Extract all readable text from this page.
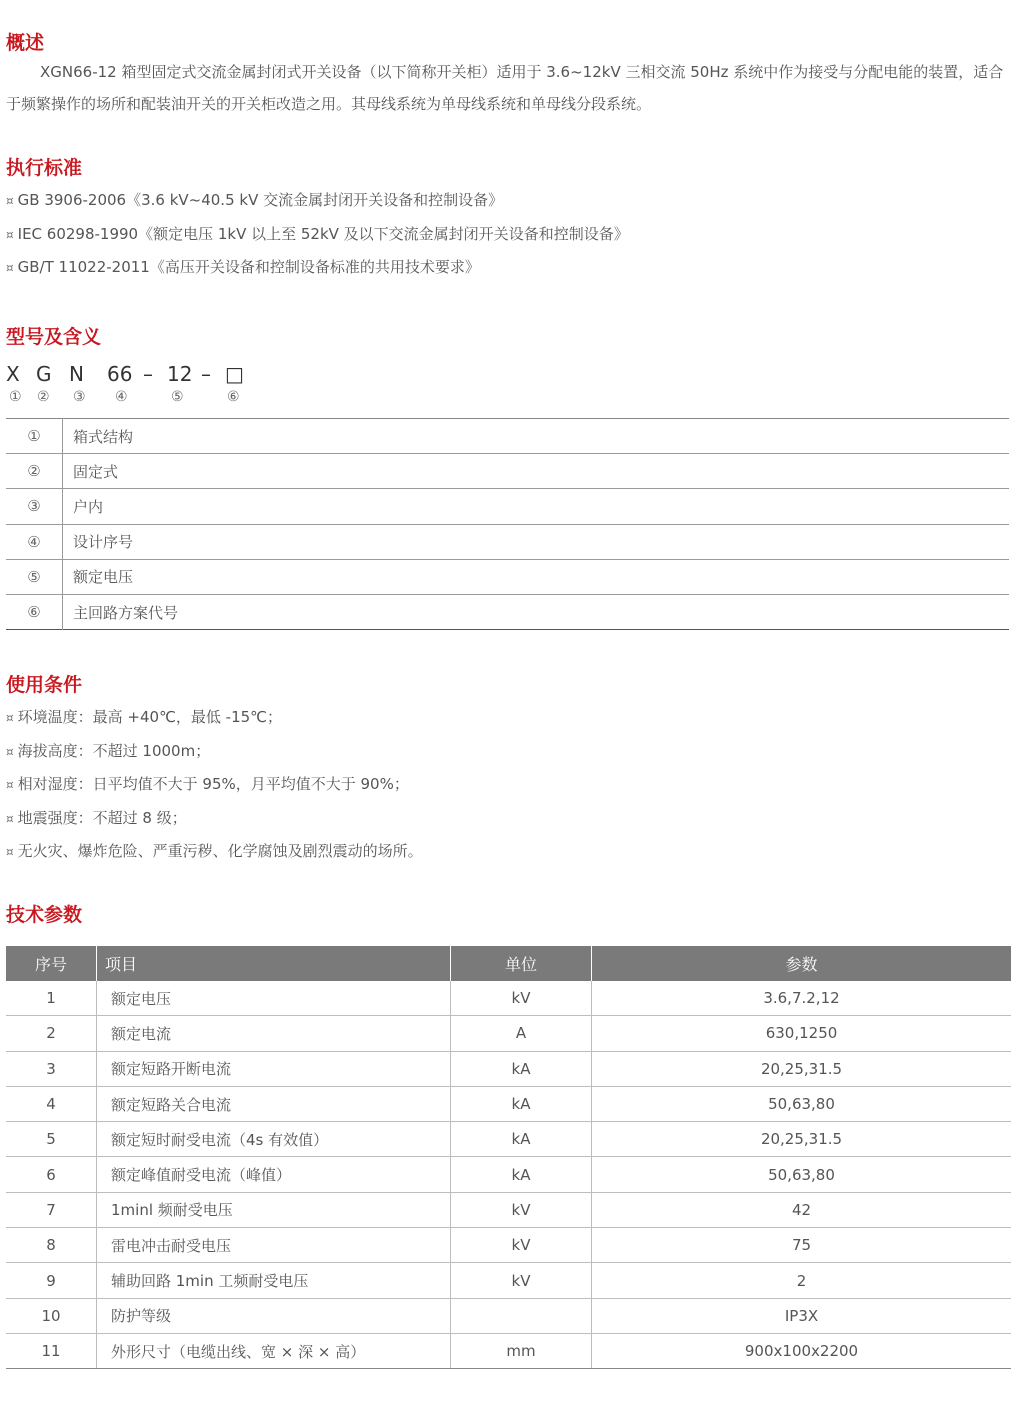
概述

XGN66-12 箱型固定式交流金属封闭式开关设备（以下简称开关柜）适用于 3.6~12kV 三相交流 50Hz 系统中作为接受与分配电能的装置，适合于频繁操作的场所和配装油开关的开关柜改造之用。其母线系统为单母线系统和单母线分段系统。

执行标准
¤ GB 3906-2006《3.6 kV~40.5 kV 交流金属封闭开关设备和控制设备》
¤ IEC 60298-1990《额定电压 1kV 以上至 52kV 及以下交流金属封闭开关设备和控制设备》
¤ GB/T 11022-2011《高压开关设备和控制设备标准的共用技术要求》
型号及含义
X G N 66 – 12 – □
① ② ③ ④	⑤	⑥
①	箱式结构
②	固定式
③	户内
④	设计序号
⑤	额定电压
⑥	主回路方案代号
使用条件
¤ 环境温度：最高 +40℃，最低 -15℃；
¤ 海拔高度：不超过 1000m；
¤ 相对湿度：日平均值不大于 95%，月平均值不大于 90%；
¤ 地震强度：不超过 8 级；
¤ 无火灾、爆炸危险、严重污秽、化学腐蚀及剧烈震动的场所。
技术参数
序号	项目	单位	参数
1	额定电压	kV	3.6,7.2,12
2	额定电流	A	630,1250
3	额定短路开断电流	kA	20,25,31.5
4	额定短路关合电流	kA	50,63,80
5	额定短时耐受电流（4s 有效值）	kA	20,25,31.5
6	额定峰值耐受电流（峰值）	kA	50,63,80
7	1minl 频耐受电压	kV	42
8	雷电冲击耐受电压	kV	75
9	辅助回路 1min 工频耐受电压	kV	2
10	防护等级		IP3X
11	外形尺寸（电缆出线、宽 × 深 × 高）	mm	900x100x2200
